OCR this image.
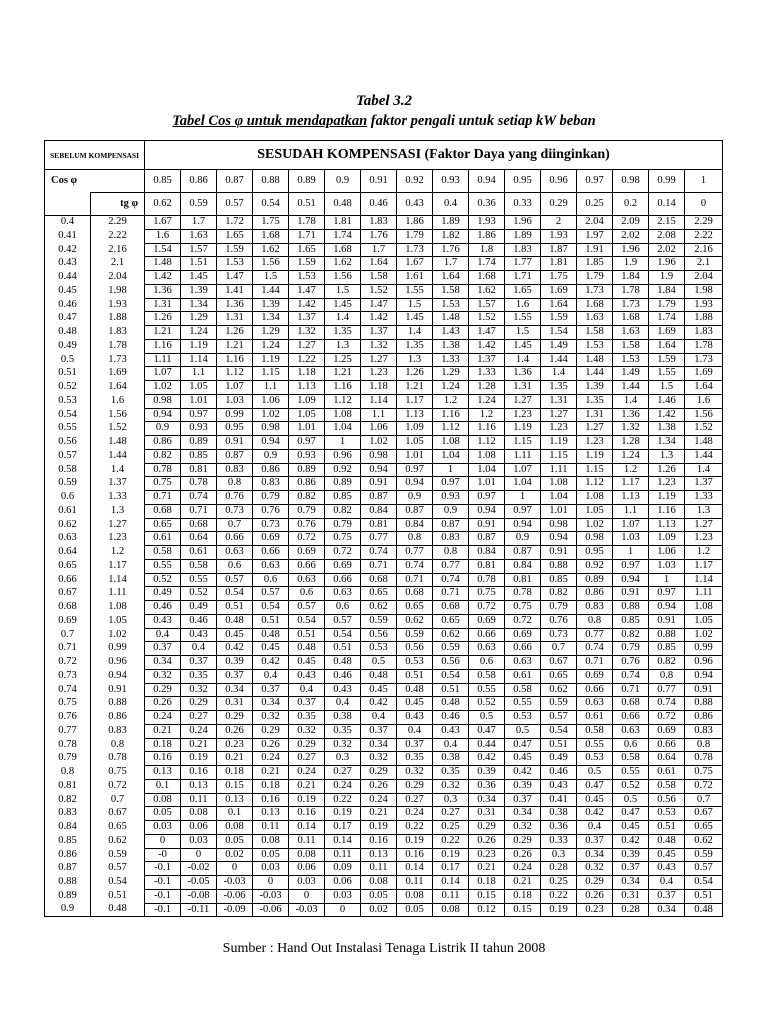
Tabel 3.2
Tabel Cos φ untuk mendapatkan faktor pengali untuk setiap kW beban
SEBELUM KOMPENSASI		SESUDAH KOMPENSASI (Faktor Daya yang diinginkan)															
Cos φ		0.85	0.86	0.87	0.88	0.89	0.9	0.91	0.92	0.93	0.94	0.95	0.96	0.97	0.98	0.99	1
	tg φ	0.62	0.59	0.57	0.54	0.51	0.48	0.46	0.43	0.4	0.36	0.33	0.29	0.25	0.2	0.14	0
0.4	2.29	1.67	1.7	1.72	1.75	1.78	1.81	1.83	1.86	1.89	1.93	1.96	2	2.04	2.09	2.15	2.29
0.41	2.22	1.6	1.63	1.65	1.68	1.71	1.74	1.76	1.79	1.82	1.86	1.89	1.93	1.97	2.02	2.08	2.22
0.42	2.16	1.54	1.57	1.59	1.62	1.65	1.68	1.7	1.73	1.76	1.8	1.83	1.87	1.91	1.96	2.02	2.16
0.43	2.1	1.48	1.51	1.53	1.56	1.59	1.62	1.64	1.67	1.7	1.74	1.77	1.81	1.85	1.9	1.96	2.1
0.44	2.04	1.42	1.45	1.47	1.5	1.53	1.56	1.58	1.61	1.64	1.68	1.71	1.75	1.79	1.84	1.9	2.04
0.45	1.98	1.36	1.39	1.41	1.44	1.47	1.5	1.52	1.55	1.58	1.62	1.65	1.69	1.73	1.78	1.84	1.98
0.46	1.93	1.31	1.34	1.36	1.39	1.42	1.45	1.47	1.5	1.53	1.57	1.6	1.64	1.68	1.73	1.79	1.93
0.47	1.88	1.26	1.29	1.31	1.34	1.37	1.4	1.42	1.45	1.48	1.52	1.55	1.59	1.63	1.68	1.74	1.88
0.48	1.83	1.21	1.24	1.26	1.29	1.32	1.35	1.37	1.4	1.43	1.47	1.5	1.54	1.58	1.63	1.69	1.83
0.49	1.78	1.16	1.19	1.21	1.24	1.27	1.3	1.32	1.35	1.38	1.42	1.45	1.49	1.53	1.58	1.64	1.78
0.5	1.73	1.11	1.14	1.16	1.19	1.22	1.25	1.27	1.3	1.33	1.37	1.4	1.44	1.48	1.53	1.59	1.73
0.51	1.69	1.07	1.1	1.12	1.15	1.18	1.21	1.23	1.26	1.29	1.33	1.36	1.4	1.44	1.49	1.55	1.69
0.52	1.64	1.02	1.05	1.07	1.1	1.13	1.16	1.18	1.21	1.24	1.28	1.31	1.35	1.39	1.44	1.5	1.64
0.53	1.6	0.98	1.01	1.03	1.06	1.09	1.12	1.14	1.17	1.2	1.24	1.27	1.31	1.35	1.4	1.46	1.6
0.54	1.56	0.94	0.97	0.99	1.02	1.05	1.08	1.1	1.13	1.16	1.2	1.23	1.27	1.31	1.36	1.42	1.56
0.55	1.52	0.9	0.93	0.95	0.98	1.01	1.04	1.06	1.09	1.12	1.16	1.19	1.23	1.27	1.32	1.38	1.52
0.56	1.48	0.86	0.89	0.91	0.94	0.97	1	1.02	1.05	1.08	1.12	1.15	1.19	1.23	1.28	1.34	1.48
0.57	1.44	0.82	0.85	0.87	0.9	0.93	0.96	0.98	1.01	1.04	1.08	1.11	1.15	1.19	1.24	1.3	1.44
0.58	1.4	0.78	0.81	0.83	0.86	0.89	0.92	0.94	0.97	1	1.04	1.07	1.11	1.15	1.2	1.26	1.4
0.59	1.37	0.75	0.78	0.8	0.83	0.86	0.89	0.91	0.94	0.97	1.01	1.04	1.08	1.12	1.17	1.23	1.37
0.6	1.33	0.71	0.74	0.76	0.79	0.82	0.85	0.87	0.9	0.93	0.97	1	1.04	1.08	1.13	1.19	1.33
0.61	1.3	0.68	0.71	0.73	0.76	0.79	0.82	0.84	0.87	0.9	0.94	0.97	1.01	1.05	1.1	1.16	1.3
0.62	1.27	0.65	0.68	0.7	0.73	0.76	0.79	0.81	0.84	0.87	0.91	0.94	0.98	1.02	1.07	1.13	1.27
0.63	1.23	0.61	0.64	0.66	0.69	0.72	0.75	0.77	0.8	0.83	0.87	0.9	0.94	0.98	1.03	1.09	1.23
0.64	1.2	0.58	0.61	0.63	0.66	0.69	0.72	0.74	0.77	0.8	0.84	0.87	0.91	0.95	1	1.06	1.2
0.65	1.17	0.55	0.58	0.6	0.63	0.66	0.69	0.71	0.74	0.77	0.81	0.84	0.88	0.92	0.97	1.03	1.17
0.66	1.14	0.52	0.55	0.57	0.6	0.63	0.66	0.68	0.71	0.74	0.78	0.81	0.85	0.89	0.94	1	1.14
0.67	1.11	0.49	0.52	0.54	0.57	0.6	0.63	0.65	0.68	0.71	0.75	0.78	0.82	0.86	0.91	0.97	1.11
0.68	1.08	0.46	0.49	0.51	0.54	0.57	0.6	0.62	0.65	0.68	0.72	0.75	0.79	0.83	0.88	0.94	1.08
0.69	1.05	0.43	0.46	0.48	0.51	0.54	0.57	0.59	0.62	0.65	0.69	0.72	0.76	0.8	0.85	0.91	1.05
0.7	1.02	0.4	0.43	0.45	0.48	0.51	0.54	0.56	0.59	0.62	0.66	0.69	0.73	0.77	0.82	0.88	1.02
0.71	0.99	0.37	0.4	0.42	0.45	0.48	0.51	0.53	0.56	0.59	0.63	0.66	0.7	0.74	0.79	0.85	0.99
0.72	0.96	0.34	0.37	0.39	0.42	0.45	0.48	0.5	0.53	0.56	0.6	0.63	0.67	0.71	0.76	0.82	0.96
0.73	0.94	0.32	0.35	0.37	0.4	0.43	0.46	0.48	0.51	0.54	0.58	0.61	0.65	0.69	0.74	0.8	0.94
0.74	0.91	0.29	0.32	0.34	0.37	0.4	0.43	0.45	0.48	0.51	0.55	0.58	0.62	0.66	0.71	0.77	0.91
0.75	0.88	0.26	0.29	0.31	0.34	0.37	0.4	0.42	0.45	0.48	0.52	0.55	0.59	0.63	0.68	0.74	0.88
0.76	0.86	0.24	0.27	0.29	0.32	0.35	0.38	0.4	0.43	0.46	0.5	0.53	0.57	0.61	0.66	0.72	0.86
0.77	0.83	0.21	0.24	0.26	0.29	0.32	0.35	0.37	0.4	0.43	0.47	0.5	0.54	0.58	0.63	0.69	0.83
0.78	0.8	0.18	0.21	0.23	0.26	0.29	0.32	0.34	0.37	0.4	0.44	0.47	0.51	0.55	0.6	0.66	0.8
0.79	0.78	0.16	0.19	0.21	0.24	0.27	0.3	0.32	0.35	0.38	0.42	0.45	0.49	0.53	0.58	0.64	0.78
0.8	0.75	0.13	0.16	0.18	0.21	0.24	0.27	0.29	0.32	0.35	0.39	0.42	0.46	0.5	0.55	0.61	0.75
0.81	0.72	0.1	0.13	0.15	0.18	0.21	0.24	0.26	0.29	0.32	0.36	0.39	0.43	0.47	0.52	0.58	0.72
0.82	0.7	0.08	0.11	0.13	0.16	0.19	0.22	0.24	0.27	0.3	0.34	0.37	0.41	0.45	0.5	0.56	0.7
0.83	0.67	0.05	0.08	0.1	0.13	0.16	0.19	0.21	0.24	0.27	0.31	0.34	0.38	0.42	0.47	0.53	0.67
0.84	0.65	0.03	0.06	0.08	0.11	0.14	0.17	0.19	0.22	0.25	0.29	0.32	0.36	0.4	0.45	0.51	0.65
0.85	0.62	0	0.03	0.05	0.08	0.11	0.14	0.16	0.19	0.22	0.26	0.29	0.33	0.37	0.42	0.48	0.62
0.86	0.59	-0	0	0.02	0.05	0.08	0.11	0.13	0.16	0.19	0.23	0.26	0.3	0.34	0.39	0.45	0.59
0.87	0.57	-0.1	-0.02	0	0.03	0.06	0.09	0.11	0.14	0.17	0.21	0.24	0.28	0.32	0.37	0.43	0.57
0.88	0.54	-0.1	-0.05	-0.03	0	0.03	0.06	0.08	0.11	0.14	0.18	0.21	0.25	0.29	0.34	0.4	0.54
0.89	0.51	-0.1	-0.08	-0.06	-0.03	0	0.03	0.05	0.08	0.11	0.15	0.18	0.22	0.26	0.31	0.37	0.51
0.9	0.48	-0.1	-0.11	-0.09	-0.06	-0.03	0	0.02	0.05	0.08	0.12	0.15	0.19	0.23	0.28	0.34	0.48
Sumber : Hand Out Instalasi Tenaga Listrik II tahun 2008
